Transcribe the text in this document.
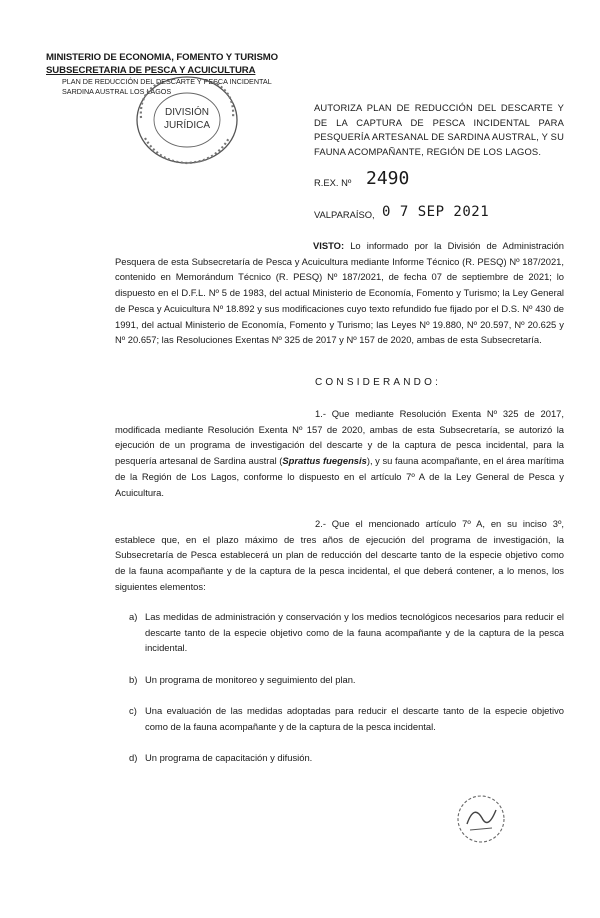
MINISTERIO DE ECONOMIA, FOMENTO Y TURISMO
SUBSECRETARIA DE PESCA Y ACUICULTURA
PLAN DE REDUCCIÓN DEL DESCARTE Y PESCA INCIDENTAL
SARDINA AUSTRAL LOS LAGOS
DIVISIÓN
JURÍDICA
AUTORIZA PLAN DE REDUCCIÓN DEL DESCARTE Y DE LA CAPTURA DE PESCA INCIDENTAL PARA PESQUERÍA ARTESANAL DE SARDINA AUSTRAL, Y SU FAUNA ACOMPAÑANTE, REGIÓN DE LOS LAGOS.
R.EX. Nº 2490
VALPARAÍSO, 0 7 SEP 2021
VISTO: Lo informado por la División de Administración Pesquera de esta Subsecretaría de Pesca y Acuicultura mediante Informe Técnico (R. PESQ) Nº 187/2021, contenido en Memorándum Técnico (R. PESQ) Nº 187/2021, de fecha 07 de septiembre de 2021; lo dispuesto en el D.F.L. Nº 5 de 1983, del actual Ministerio de Economía, Fomento y Turismo; la Ley General de Pesca y Acuicultura Nº 18.892 y sus modificaciones cuyo texto refundido fue fijado por el D.S. Nº 430 de 1991, del actual Ministerio de Economía, Fomento y Turismo; las Leyes Nº 19.880, Nº 20.597, Nº 20.625 y Nº 20.657; las Resoluciones Exentas Nº 325 de 2017 y Nº 157 de 2020, ambas de esta Subsecretaría.
CONSIDERANDO:
1.- Que mediante Resolución Exenta Nº 325 de 2017, modificada mediante Resolución Exenta Nº 157 de 2020, ambas de esta Subsecretaría, se autorizó la ejecución de un programa de investigación del descarte y de la captura de pesca incidental, para la pesquería artesanal de Sardina austral (Sprattus fuegensis), y su fauna acompañante, en el área marítima de la Región de Los Lagos, conforme lo dispuesto en el artículo 7º A de la Ley General de Pesca y Acuicultura.
2.- Que el mencionado artículo 7º A, en su inciso 3º, establece que, en el plazo máximo de tres años de ejecución del programa de investigación, la Subsecretaría de Pesca establecerá un plan de reducción del descarte tanto de la especie objetivo como de la fauna acompañante y de la captura de la pesca incidental, el que deberá contener, a lo menos, los siguientes elementos:
a) Las medidas de administración y conservación y los medios tecnológicos necesarios para reducir el descarte tanto de la especie objetivo como de la fauna acompañante y de la captura de la pesca incidental.
b) Un programa de monitoreo y seguimiento del plan.
c) Una evaluación de las medidas adoptadas para reducir el descarte tanto de la especie objetivo como de la fauna acompañante y de la captura de la pesca incidental.
d) Un programa de capacitación y difusión.
